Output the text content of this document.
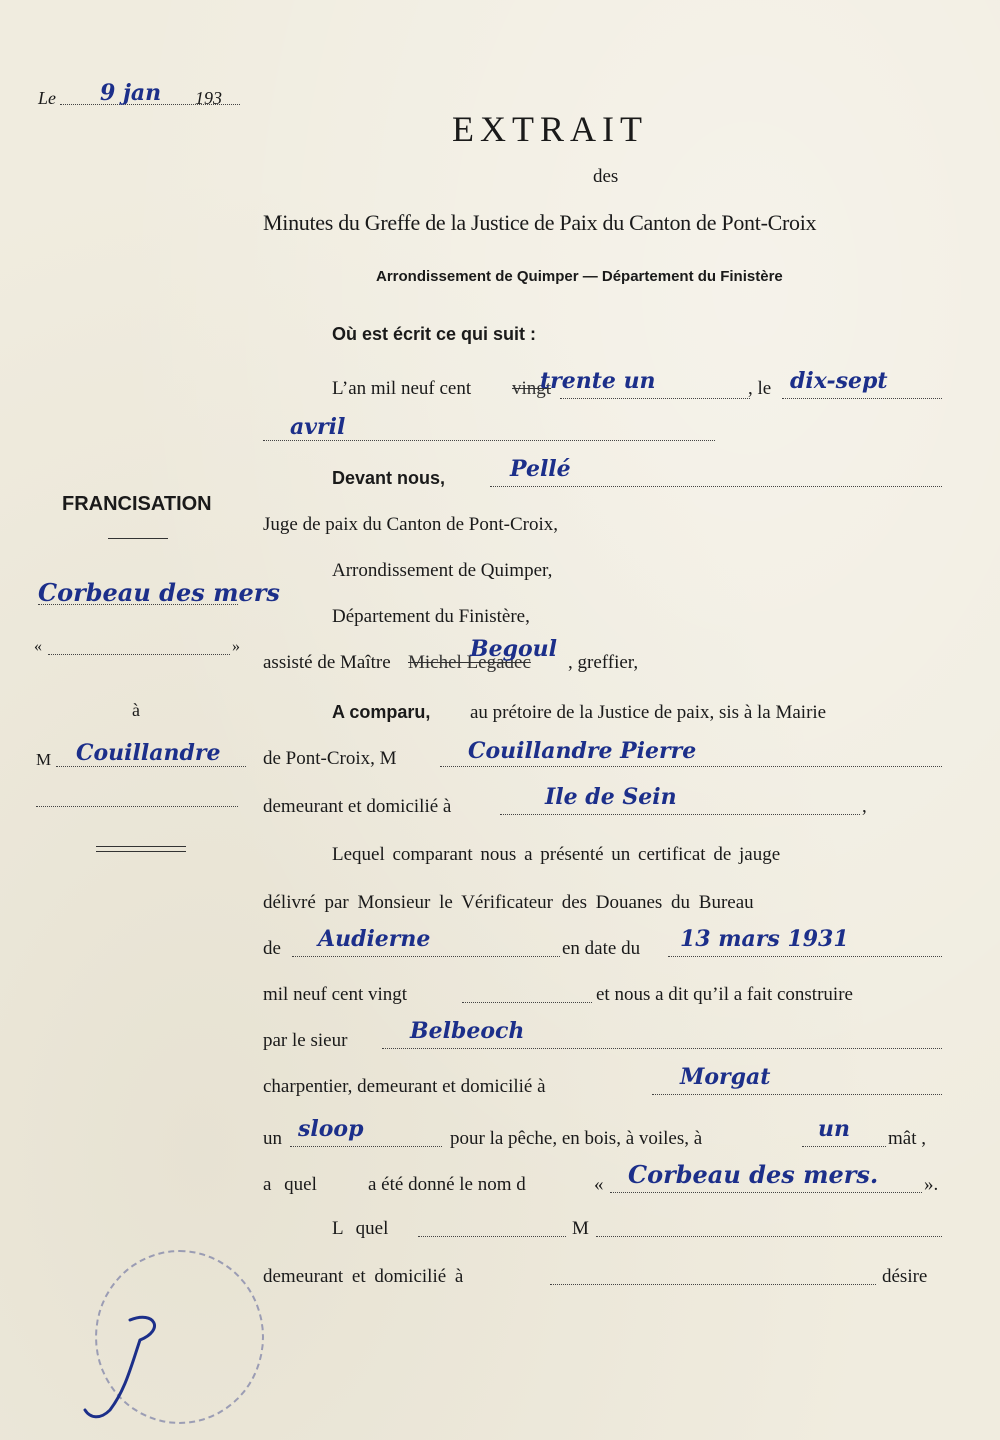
Le 9 jan 193
EXTRAIT
des
Minutes du Greffe de la Justice de Paix du Canton de Pont-Croix
Arrondissement de Quimper — Département du Finistère
Où est écrit ce qui suit :
FRANCISATION
Corbeau des mers
«	»
à
M Couillandre
L’an mil neuf cent vingt
trente un	, le dix-sept
avril
Devant nous,	Pellé
Juge de paix du Canton de Pont-Croix,
Arrondissement de Quimper,
Département du Finistère,
assisté de Maître Michel Legadec
Begoul
, greffier,
A comparu, au prétoire de la Justice de paix, sis à la Mairie
de Pont-Croix, M	Couillandre Pierre
demeurant et domicilié à	Ile de Sein	,
Lequel comparant nous a présenté un certificat de jauge
délivré par Monsieur le Vérificateur des Douanes du Bureau
de Audierne	en date du 13 mars 1931
mil neuf cent vingt	et nous a dit qu’il a fait construire
par le sieur	Belbeoch
charpentier, demeurant et domicilié à	Morgat
un sloop	pour la pêche, en bois, à voiles, à	un mât ,
a quel	a été donné le nom d	« Corbeau des mers. ».
L quel	M
demeurant et domicilié à	désire
